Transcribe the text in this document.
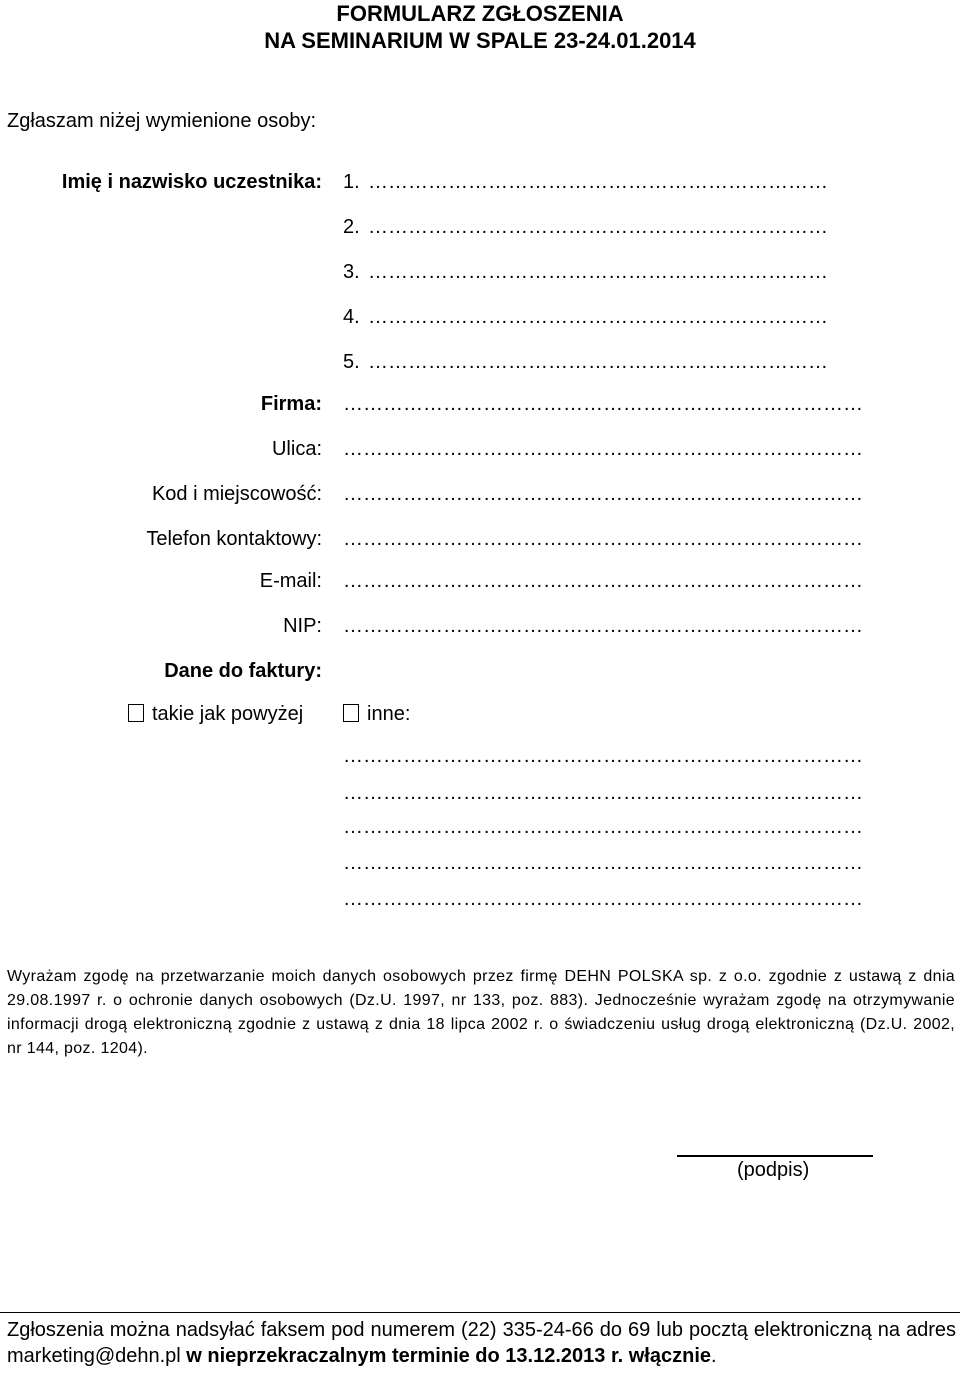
FORMULARZ ZGŁOSZENIA
NA SEMINARIUM W SPALE 23-24.01.2014
Zgłaszam niżej wymienione osoby:
Imię i nazwisko uczestnika: 1. ……………………………………………………………
2. ……………………………………………………………
3. ……………………………………………………………
4. ……………………………………………………………
5. ……………………………………………………………
Firma: ……………………………………………………………………
Ulica: ……………………………………………………………………
Kod i miejscowość: ……………………………………………………………………
Telefon kontaktowy: ……………………………………………………………………
E-mail: ……………………………………………………………………
NIP: ……………………………………………………………………
Dane do faktury:
takie jak powyżej	inne:
……………………………………………………………………
……………………………………………………………………
……………………………………………………………………
……………………………………………………………………
……………………………………………………………………
Wyrażam zgodę na przetwarzanie moich danych osobowych przez firmę DEHN POLSKA sp. z o.o. zgodnie z ustawą z dnia 29.08.1997 r. o ochronie danych osobowych (Dz.U. 1997, nr 133, poz. 883). Jednocześnie wyrażam zgodę na otrzymywanie informacji drogą elektroniczną zgodnie z ustawą z dnia 18 lipca 2002 r. o świadczeniu usług drogą elektroniczną (Dz.U. 2002, nr 144, poz. 1204).
(podpis)
Zgłoszenia można nadsyłać faksem pod numerem (22) 335-24-66 do 69 lub pocztą elektroniczną na adres marketing@dehn.pl w nieprzekraczalnym terminie do 13.12.2013 r. włącznie.
